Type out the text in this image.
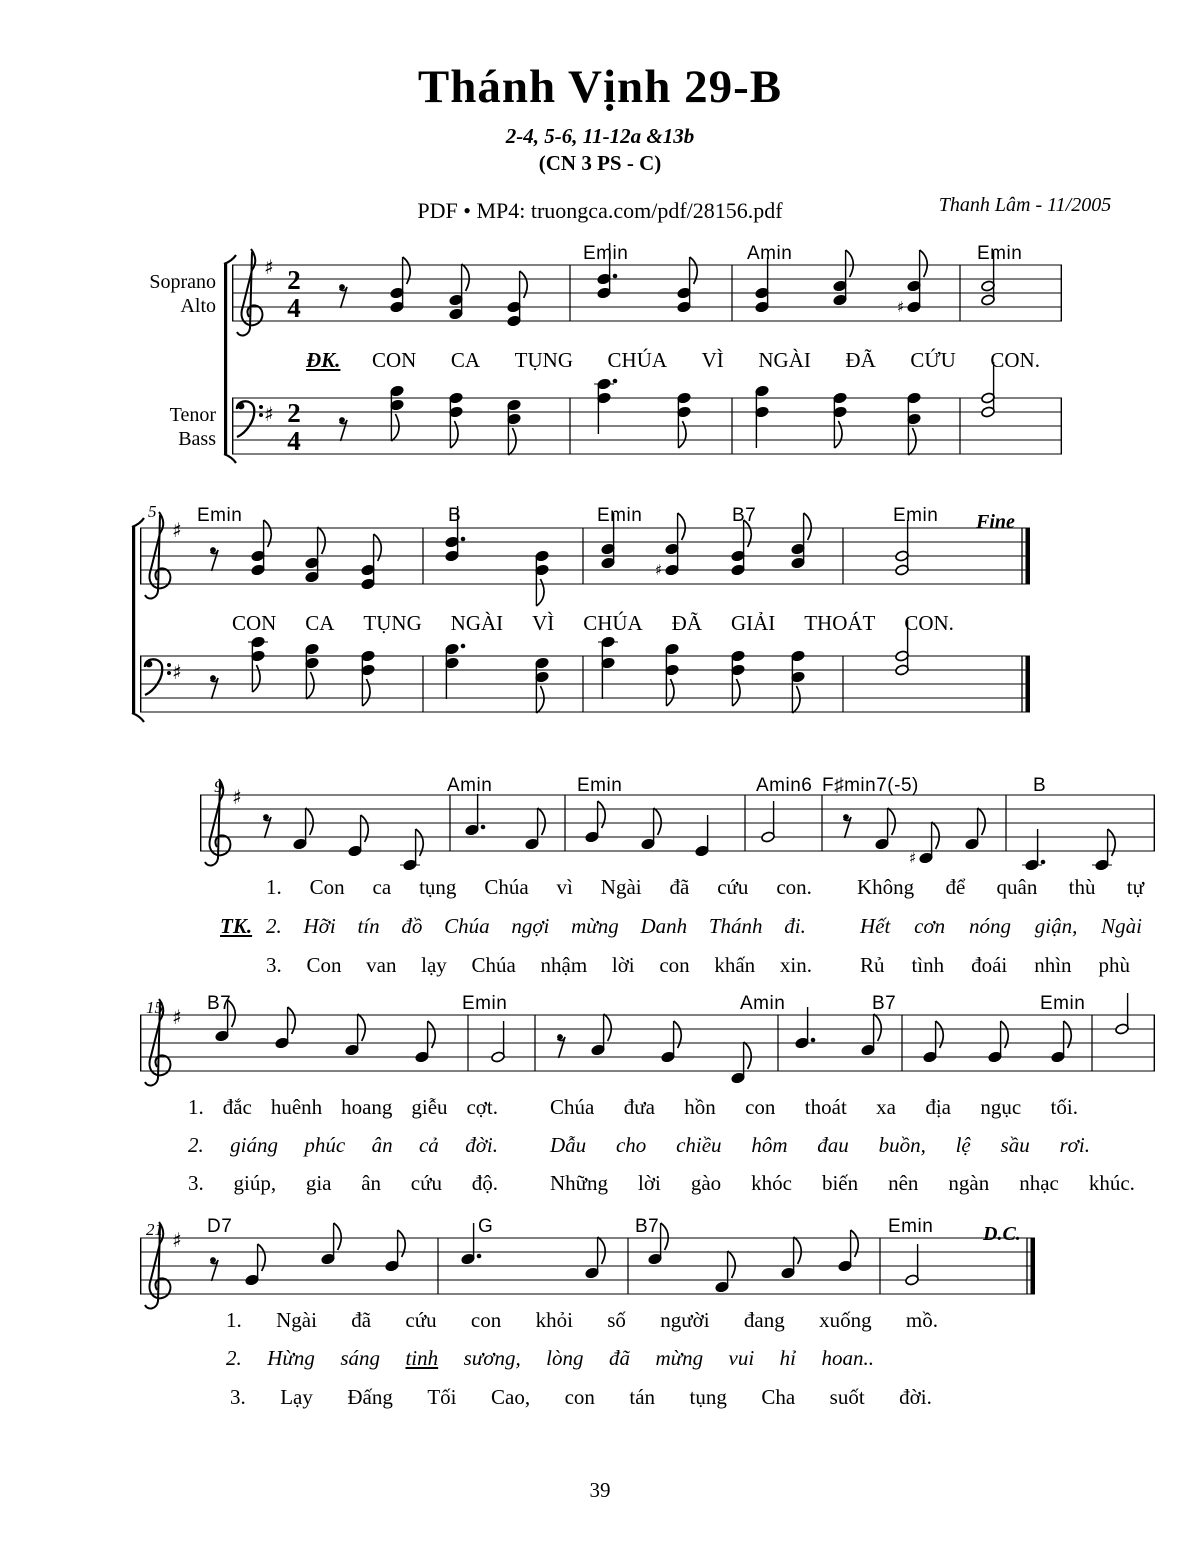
Thánh Vịnh 29-B
2-4, 5-6, 11-12a &13b
(CN 3 PS - C)
PDF • MP4: truongca.com/pdf/28156.pdf	Thanh Lâm - 11/2005
Soprano
Alto
Tenor
Bass
♯ 2
4	♯
♯ 2
4
♯
♯
♯
♯
♯
♯
♯
Emin	Amin	Emin
Emin	B	Emin	B7	Emin
Amin	Emin	Amin6 F♯min7(-5)	B
B7	Emin	Amin	B7	Emin
D7	G	B7	Emin
5
9
15
21
Fine
D.C.
ĐK. CON CA TỤNG CHÚA VÌ NGÀI ĐÃ CỨU CON.
CON CA TỤNG NGÀI VÌ CHÚA ĐÃ GIẢI THOÁT CON.
1. Con ca tụng Chúa vì Ngài đã cứu con. Không để quân thù tự
TK. 2. Hỡi tín đồ Chúa ngợi mừng Danh Thánh đi.	Hết cơn nóng giận, Ngài
3. Con van lạy Chúa nhậm lời con khấn xin. Rủ tình đoái nhìn phù
1. đắc huênh hoang giễu cợt. Chúa đưa hồn con thoát xa địa ngục tối.
2. giáng phúc ân cả đời. Dẫu cho chiều hôm đau buồn, lệ sầu rơi.
3. giúp, gia ân cứu độ. Những lời gào khóc biến nên ngàn nhạc khúc.
1. Ngài đã cứu con khỏi số người đang xuống mồ.
2. Hừng sáng tinh sương, lòng đã mừng vui hỉ hoan..
3. Lạy Đấng Tối Cao, con tán tụng Cha suốt đời.
39
